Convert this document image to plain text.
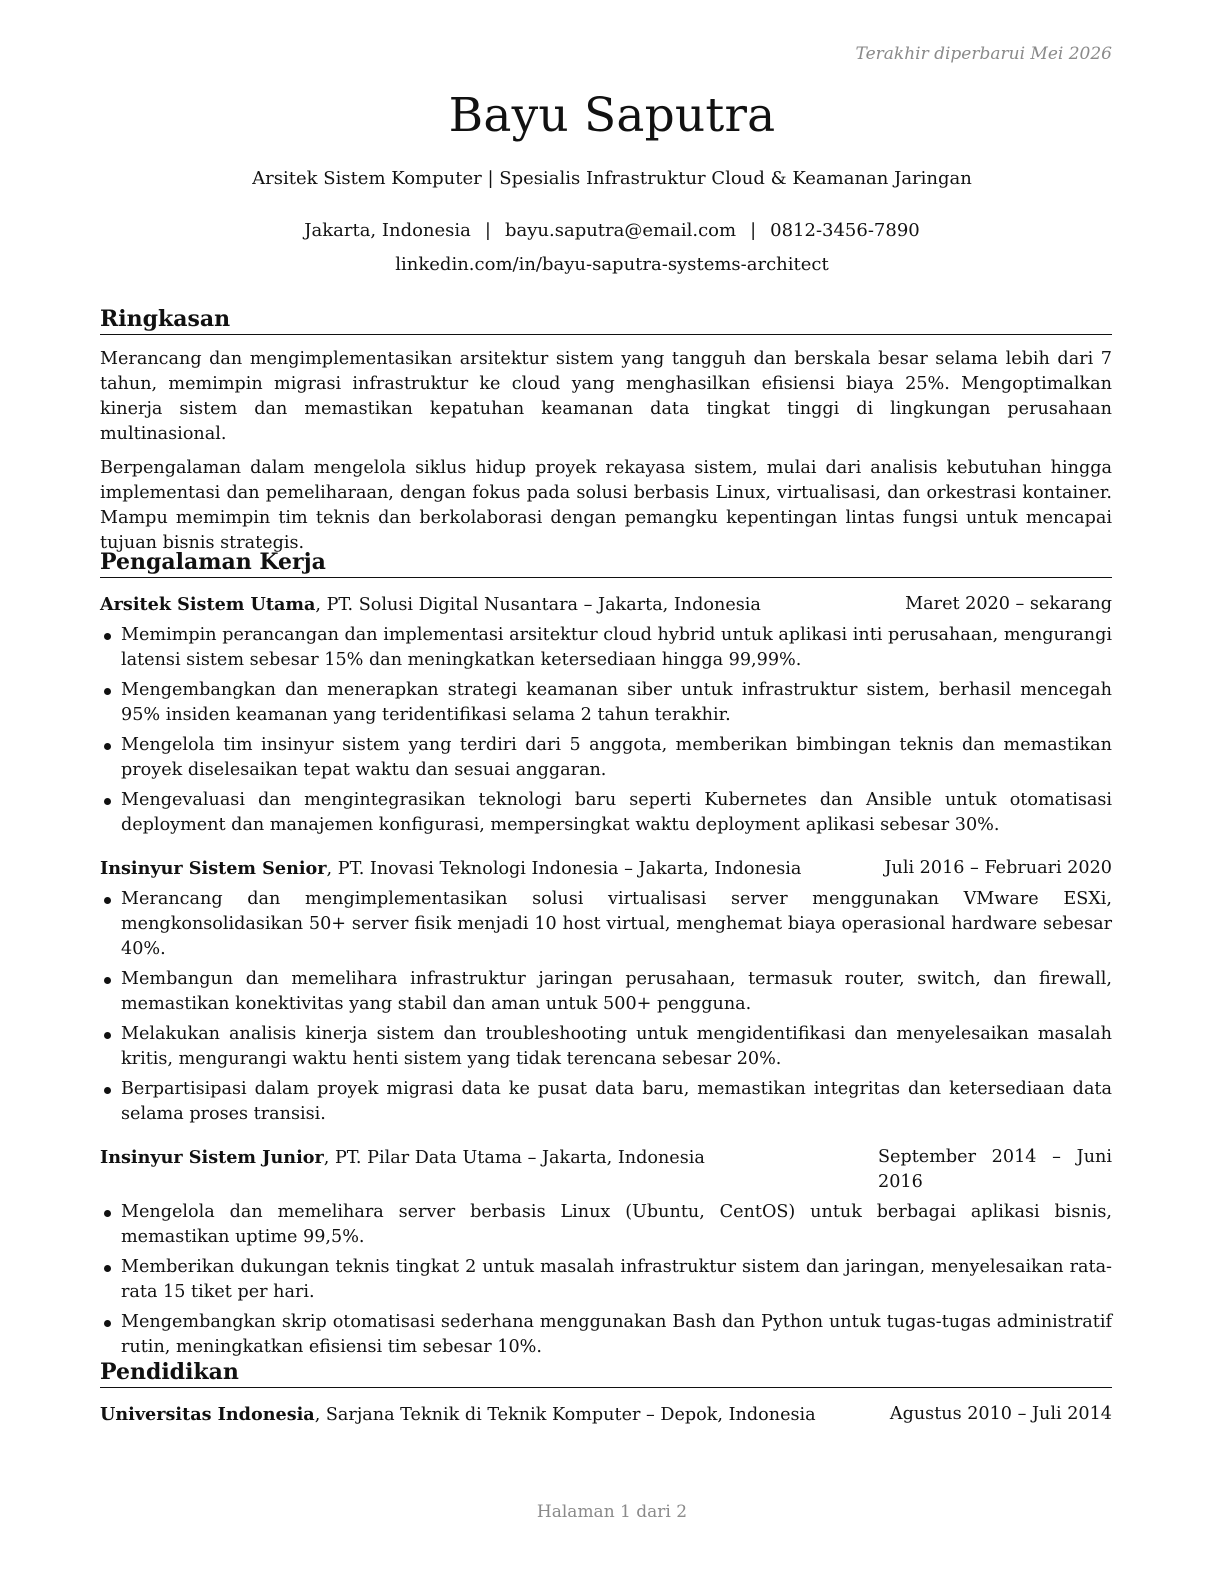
Terakhir diperbarui Mei 2026
Bayu Saputra
Arsitek Sistem Komputer | Spesialis Infrastruktur Cloud & Keamanan Jaringan
Jakarta, Indonesia | bayu.saputra@email.com | 0812-3456-7890
linkedin.com/in/bayu-saputra-systems-architect
Ringkasan

Merancang dan mengimplementasikan arsitektur sistem yang tangguh dan berskala besar selama lebih dari 7 tahun, memimpin migrasi infrastruktur ke cloud yang menghasilkan efisiensi biaya 25%. Mengoptimalkan kinerja sistem dan memastikan kepatuhan keamanan data tingkat tinggi di lingkungan perusahaan multinasional.

Berpengalaman dalam mengelola siklus hidup proyek rekayasa sistem, mulai dari analisis kebutuhan hingga implementasi dan pemeliharaan, dengan fokus pada solusi berbasis Linux, virtualisasi, dan orkestrasi kontainer. Mampu memimpin tim teknis dan berkolaborasi dengan pemangku kepentingan lintas fungsi untuk mencapai tujuan bisnis strategis.

Pengalaman Kerja
Arsitek Sistem Utama, PT. Solusi Digital Nusantara – Jakarta, Indonesia	Maret 2020 – sekarang
Memimpin perancangan dan implementasi arsitektur cloud hybrid untuk aplikasi inti perusahaan, mengurangi latensi sistem sebesar 15% dan meningkatkan ketersediaan hingga 99,99%.
Mengembangkan dan menerapkan strategi keamanan siber untuk infrastruktur sistem, berhasil mencegah 95% insiden keamanan yang teridentifikasi selama 2 tahun terakhir.
Mengelola tim insinyur sistem yang terdiri dari 5 anggota, memberikan bimbingan teknis dan memastikan proyek diselesaikan tepat waktu dan sesuai anggaran.
Mengevaluasi dan mengintegrasikan teknologi baru seperti Kubernetes dan Ansible untuk otomatisasi deployment dan manajemen konfigurasi, mempersingkat waktu deployment aplikasi sebesar 30%.
Insinyur Sistem Senior, PT. Inovasi Teknologi Indonesia – Jakarta, Indonesia	Juli 2016 – Februari 2020
Merancang dan mengimplementasikan solusi virtualisasi server menggunakan VMware ESXi, mengkonsolidasikan 50+ server fisik menjadi 10 host virtual, menghemat biaya operasional hardware sebesar 40%.
Membangun dan memelihara infrastruktur jaringan perusahaan, termasuk router, switch, dan firewall, memastikan konektivitas yang stabil dan aman untuk 500+ pengguna.
Melakukan analisis kinerja sistem dan troubleshooting untuk mengidentifikasi dan menyelesaikan masalah kritis, mengurangi waktu henti sistem yang tidak terencana sebesar 20%.
Berpartisipasi dalam proyek migrasi data ke pusat data baru, memastikan integritas dan ketersediaan data selama proses transisi.
Insinyur Sistem Junior, PT. Pilar Data Utama – Jakarta, Indonesia	September 2014 – Juni 2016
Mengelola dan memelihara server berbasis Linux (Ubuntu, CentOS) untuk berbagai aplikasi bisnis, memastikan uptime 99,5%.
Memberikan dukungan teknis tingkat 2 untuk masalah infrastruktur sistem dan jaringan, menyelesaikan rata-rata 15 tiket per hari.
Mengembangkan skrip otomatisasi sederhana menggunakan Bash dan Python untuk tugas-tugas administratif rutin, meningkatkan efisiensi tim sebesar 10%.
Pendidikan
Universitas Indonesia, Sarjana Teknik di Teknik Komputer – Depok, Indonesia	Agustus 2010 – Juli 2014
Halaman 1 dari 2
